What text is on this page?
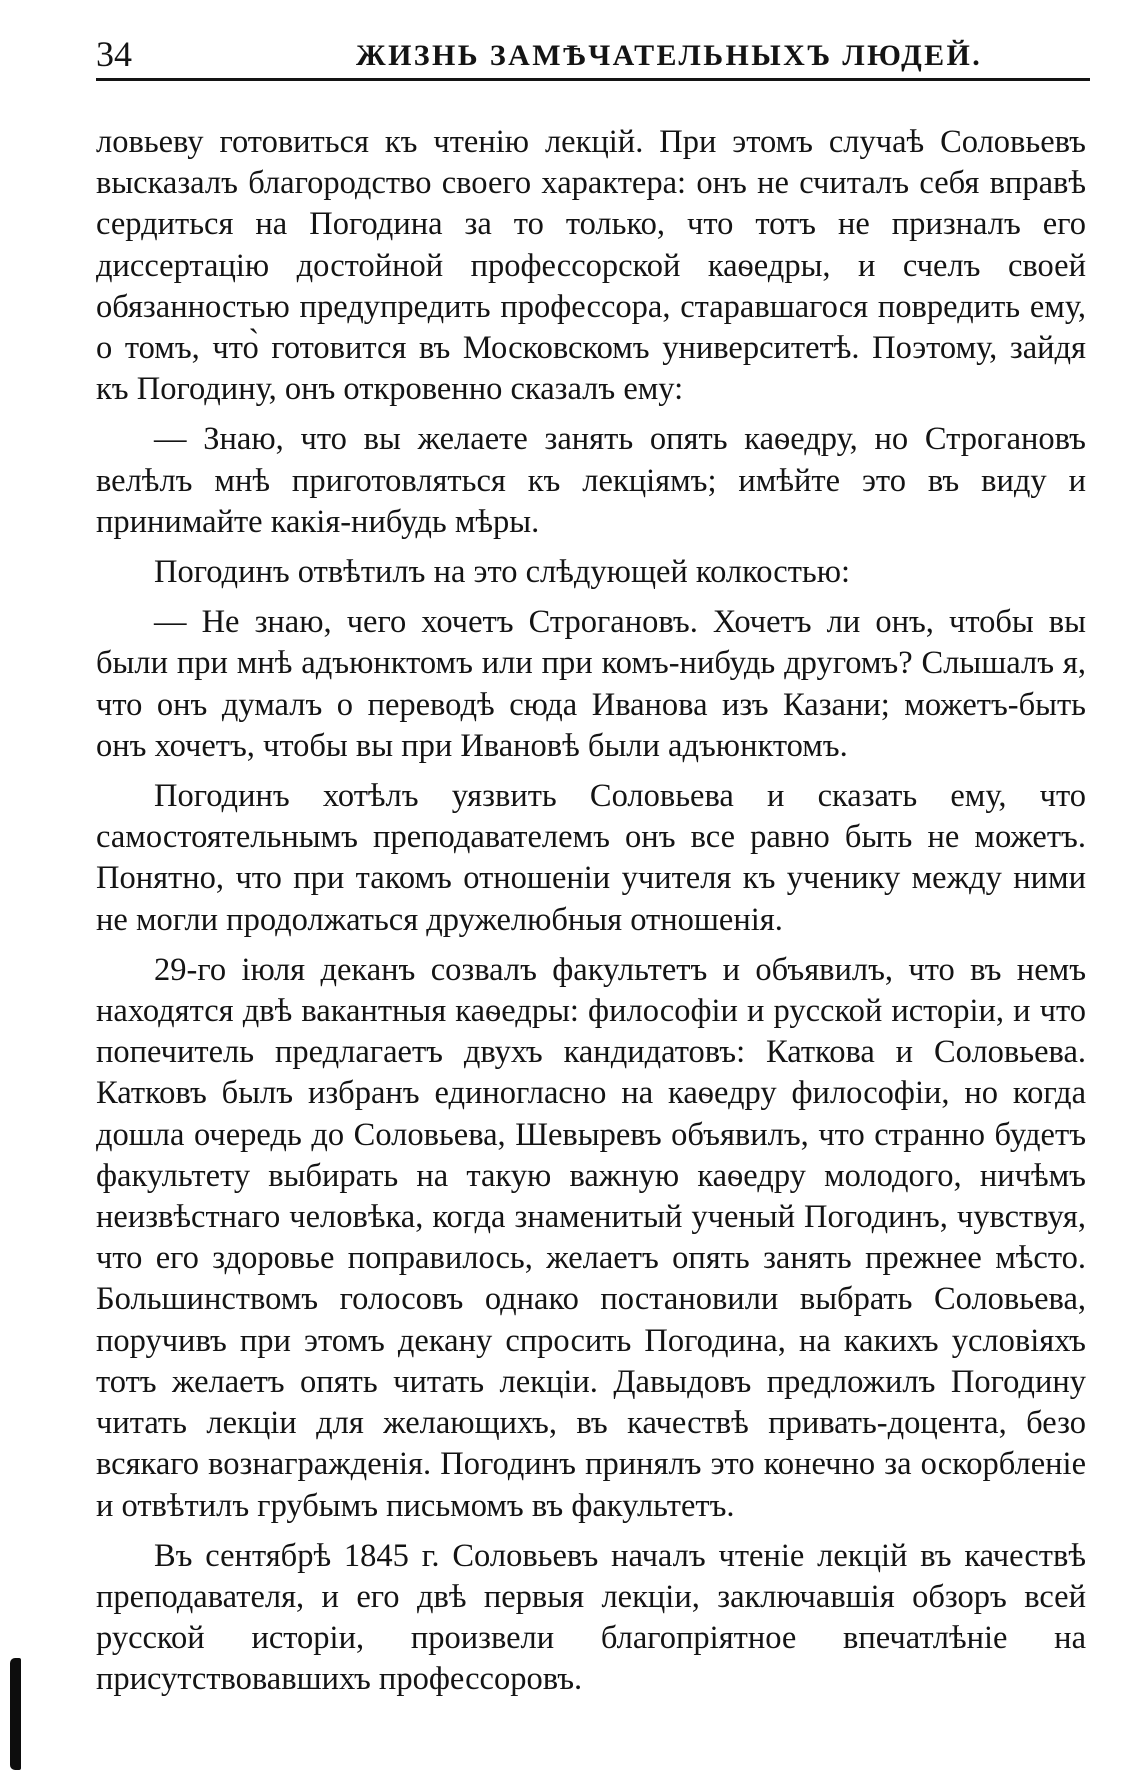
34	ЖИЗНЬ ЗАМѢЧАТЕЛЬНЫХЪ ЛЮДЕЙ.

ловьеву готовиться къ чтенію лекцій. При этомъ случаѣ Соловьевъ высказалъ благородство своего характера: онъ не считалъ себя вправѣ сердиться на Погодина за то только, что тотъ не призналъ его диссертацію достойной профессорской каѳедры, и счелъ своей обязанностью предупредить профессора, старавшагося повредить ему, о томъ, что̀ готовится въ Московскомъ университетѣ. Поэтому, зайдя къ Погодину, онъ откровенно сказалъ ему:

— Знаю, что вы желаете занять опять каѳедру, но Строгановъ велѣлъ мнѣ приготовляться къ лекціямъ; имѣйте это въ виду и принимайте какія-нибудь мѣры.

Погодинъ отвѣтилъ на это слѣдующей колкостью:

— Не знаю, чего хочетъ Строгановъ. Хочетъ ли онъ, чтобы вы были при мнѣ адъюнктомъ или при комъ-нибудь другомъ? Слышалъ я, что онъ думалъ о переводѣ сюда Иванова изъ Казани; можетъ-быть онъ хочетъ, чтобы вы при Ивановѣ были адъюнктомъ.

Погодинъ хотѣлъ уязвить Соловьева и сказать ему, что самостоятельнымъ преподавателемъ онъ все равно быть не можетъ. Понятно, что при такомъ отношеніи учителя къ ученику между ними не могли продолжаться дружелюбныя отношенія.

29-го іюля деканъ созвалъ факультетъ и объявилъ, что въ немъ находятся двѣ вакантныя каѳедры: философіи и русской исторіи, и что попечитель предлагаетъ двухъ кандидатовъ: Каткова и Соловьева. Катковъ былъ избранъ единогласно на каѳедру философіи, но когда дошла очередь до Соловьева, Шевыревъ объявилъ, что странно будетъ факультету выбирать на такую важную каѳедру молодого, ничѣмъ неизвѣстнаго человѣка, когда знаменитый ученый Погодинъ, чувствуя, что его здоровье поправилось, желаетъ опять занять прежнее мѣсто. Большинствомъ голосовъ однако постановили выбрать Соловьева, поручивъ при этомъ декану спросить Погодина, на какихъ условіяхъ тотъ желаетъ опять читать лекціи. Давыдовъ предложилъ Погодину читать лекціи для желающихъ, въ качествѣ привать-доцента, безо всякаго вознагражденія. Погодинъ принялъ это конечно за оскорбленіе и отвѣтилъ грубымъ письмомъ въ факультетъ.

Въ сентябрѣ 1845 г. Соловьевъ началъ чтеніе лекцій въ качествѣ преподавателя, и его двѣ первыя лекціи, заключавшія обзоръ всей русской исторіи, произвели благопріятное впечатлѣніе на присутствовавшихъ профессоровъ.
